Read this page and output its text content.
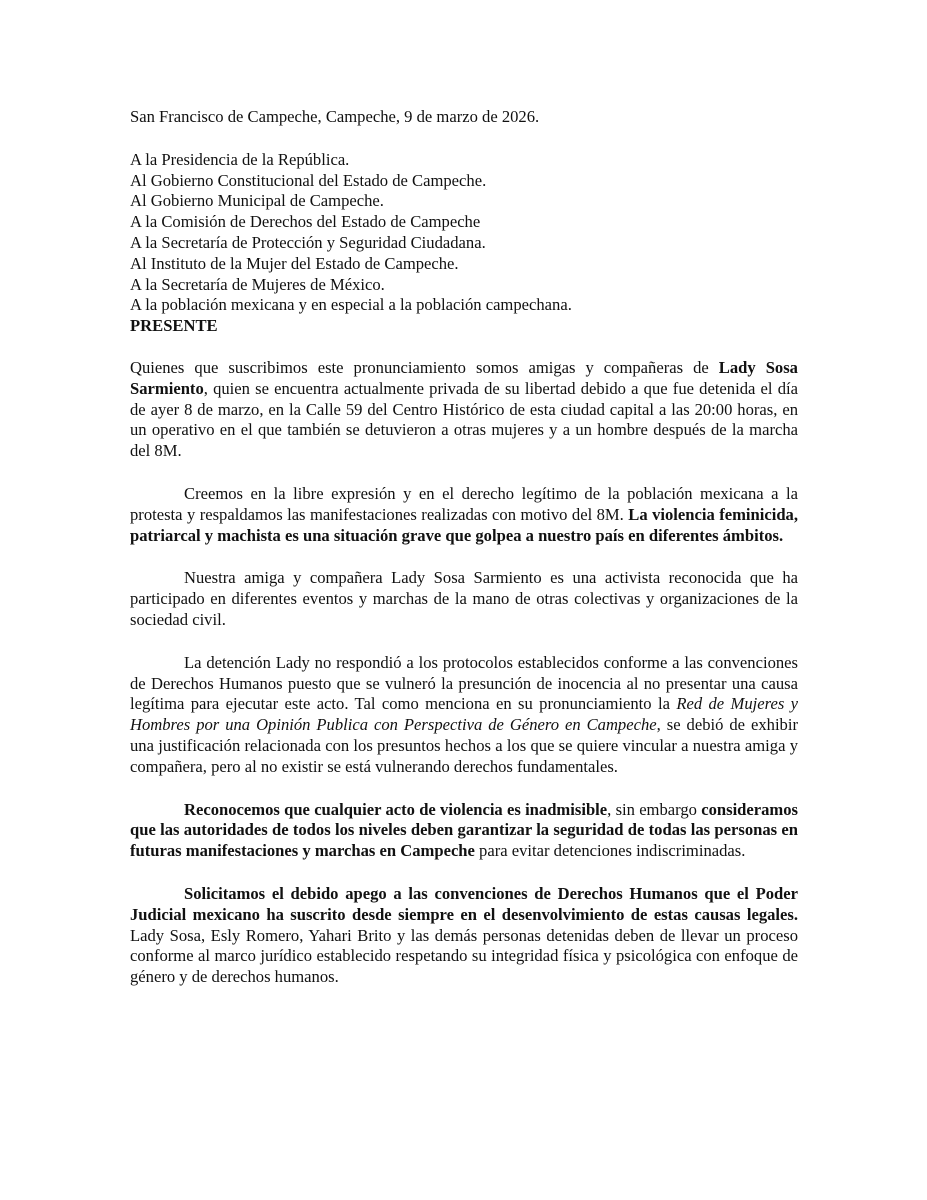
San Francisco de Campeche, Campeche, 9 de marzo de 2026.
A la Presidencia de la República.
Al Gobierno Constitucional del Estado de Campeche.
Al Gobierno Municipal de Campeche.
A la Comisión de Derechos del Estado de Campeche
A la Secretaría de Protección y Seguridad Ciudadana.
Al Instituto de la Mujer del Estado de Campeche.
A la Secretaría de Mujeres de México.
A la población mexicana y en especial a la población campechana.
PRESENTE

Quienes que suscribimos este pronunciamiento somos amigas y compañeras de Lady Sosa Sarmiento, quien se encuentra actualmente privada de su libertad debido a que fue detenida el día de ayer 8 de marzo, en la Calle 59 del Centro Histórico de esta ciudad capital a las 20:00 horas, en un operativo en el que también se detuvieron a otras mujeres y a un hombre después de la marcha del 8M.

Creemos en la libre expresión y en el derecho legítimo de la población mexicana a la protesta y respaldamos las manifestaciones realizadas con motivo del 8M. La violencia feminicida, patriarcal y machista es una situación grave que golpea a nuestro país en diferentes ámbitos.

Nuestra amiga y compañera Lady Sosa Sarmiento es una activista reconocida que ha participado en diferentes eventos y marchas de la mano de otras colectivas y organizaciones de la sociedad civil.

La detención Lady no respondió a los protocolos establecidos conforme a las convenciones de Derechos Humanos puesto que se vulneró la presunción de inocencia al no presentar una causa legítima para ejecutar este acto. Tal como menciona en su pronunciamiento la Red de Mujeres y Hombres por una Opinión Publica con Perspectiva de Género en Campeche, se debió de exhibir una justificación relacionada con los presuntos hechos a los que se quiere vincular a nuestra amiga y compañera, pero al no existir se está vulnerando derechos fundamentales.

Reconocemos que cualquier acto de violencia es inadmisible, sin embargo consideramos que las autoridades de todos los niveles deben garantizar la seguridad de todas las personas en futuras manifestaciones y marchas en Campeche para evitar detenciones indiscriminadas.

Solicitamos el debido apego a las convenciones de Derechos Humanos que el Poder Judicial mexicano ha suscrito desde siempre en el desenvolvimiento de estas causas legales. Lady Sosa, Esly Romero, Yahari Brito y las demás personas detenidas deben de llevar un proceso conforme al marco jurídico establecido respetando su integridad física y psicológica con enfoque de género y de derechos humanos.
